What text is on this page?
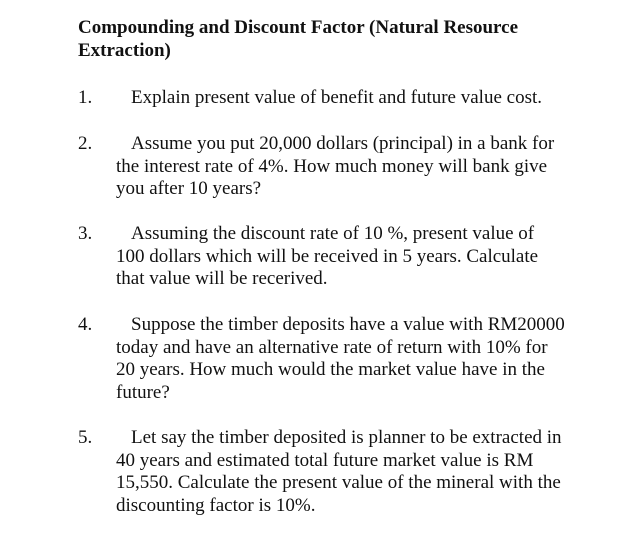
Compounding and Discount Factor (Natural Resource Extraction)
1.	Explain present value of benefit and future value cost.
2.	Assume you put 20,000 dollars (principal) in a bank for the interest rate of 4%. How much money will bank give you after 10 years?
3.	Assuming the discount rate of 10 %, present value of 100 dollars which will be received in 5 years. Calculate that value will be recerived.
4.	Suppose the timber deposits have a value with RM20000 today and have an alternative rate of return with 10% for 20 years. How much would the market value have in the future?
5.	Let say the timber deposited is planner to be extracted in 40 years and estimated total future market value is RM 15,550. Calculate the present value of the mineral with the discounting factor is 10%.
